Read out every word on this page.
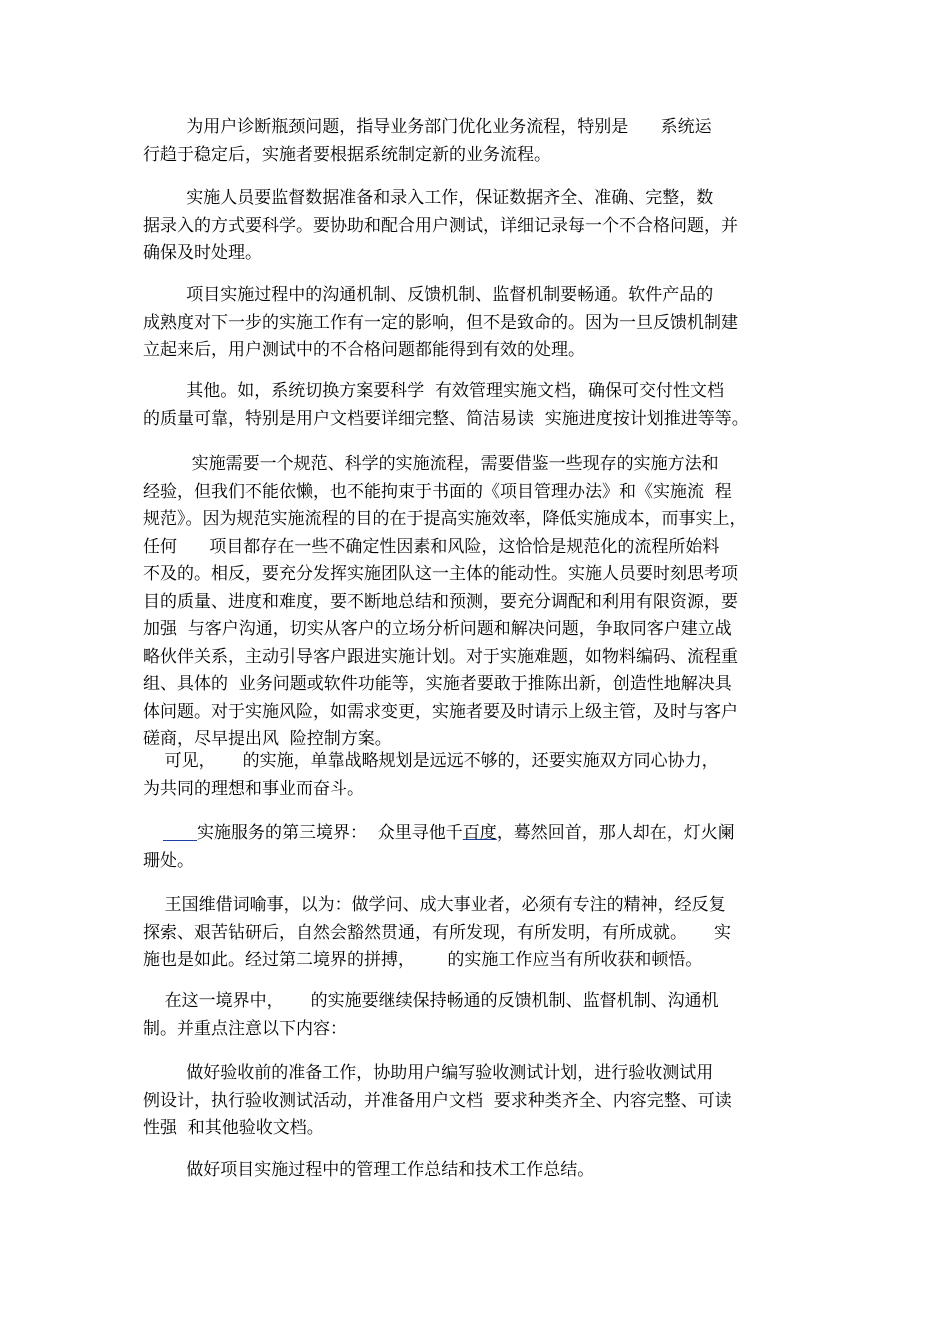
为用户诊断瓶颈问题，指导业务部门优化业务流程，特别是      系统运
行趋于稳定后，实施者要根据系统制定新的业务流程。
实施人员要监督数据准备和录入工作，保证数据齐全、准确、完整，数
据录入的方式要科学。要协助和配合用户测试，详细记录每一个不合格问题，并
确保及时处理。
项目实施过程中的沟通机制、反馈机制、监督机制要畅通。软件产品的
成熟度对下一步的实施工作有一定的影响，但不是致命的。因为一旦反馈机制建
立起来后，用户测试中的不合格问题都能得到有效的处理。
其他。如，系统切换方案要科学  有效管理实施文档，确保可交付性文档
的质量可靠，特别是用户文档要详细完整、简洁易读  实施进度按计划推进等等。
实施需要一个规范、科学的实施流程，需要借鉴一些现存的实施方法和
经验，但我们不能依懒，也不能拘束于书面的《项目管理办法》和《实施流  程
规范》。因为规范实施流程的目的在于提高实施效率，降低实施成本，而事实上，
任何      项目都存在一些不确定性因素和风险，这恰恰是规范化的流程所始料
不及的。相反，要充分发挥实施团队这一主体的能动性。实施人员要时刻思考项
目的质量、进度和难度，要不断地总结和预测，要充分调配和利用有限资源，要
加强  与客户沟通，切实从客户的立场分析问题和解决问题，争取同客户建立战
略伙伴关系，主动引导客户跟进实施计划。对于实施难题，如物料编码、流程重
组、具体的  业务问题或软件功能等，实施者要敢于推陈出新，创造性地解决具
体问题。对于实施风险，如需求变更，实施者要及时请示上级主管，及时与客户
磋商，尽早提出风  险控制方案。
可见，     的实施，单靠战略规划是远远不够的，还要实施双方同心协力，
为共同的理想和事业而奋斗。
实施服务的第三境界：  众里寻他千百度，蓦然回首，那人却在，灯火阑
珊处。
王国维借词喻事，以为：做学问、成大事业者，必须有专注的精神，经反复
探索、艰苦钻研后，自然会豁然贯通，有所发现，有所发明，有所成就。     实
施也是如此。经过第二境界的拼搏，      的实施工作应当有所收获和顿悟。
在这一境界中，     的实施要继续保持畅通的反馈机制、监督机制、沟通机
制。并重点注意以下内容：
做好验收前的准备工作，协助用户编写验收测试计划，进行验收测试用
例设计，执行验收测试活动，并准备用户文档  要求种类齐全、内容完整、可读
性强  和其他验收文档。
做好项目实施过程中的管理工作总结和技术工作总结。
